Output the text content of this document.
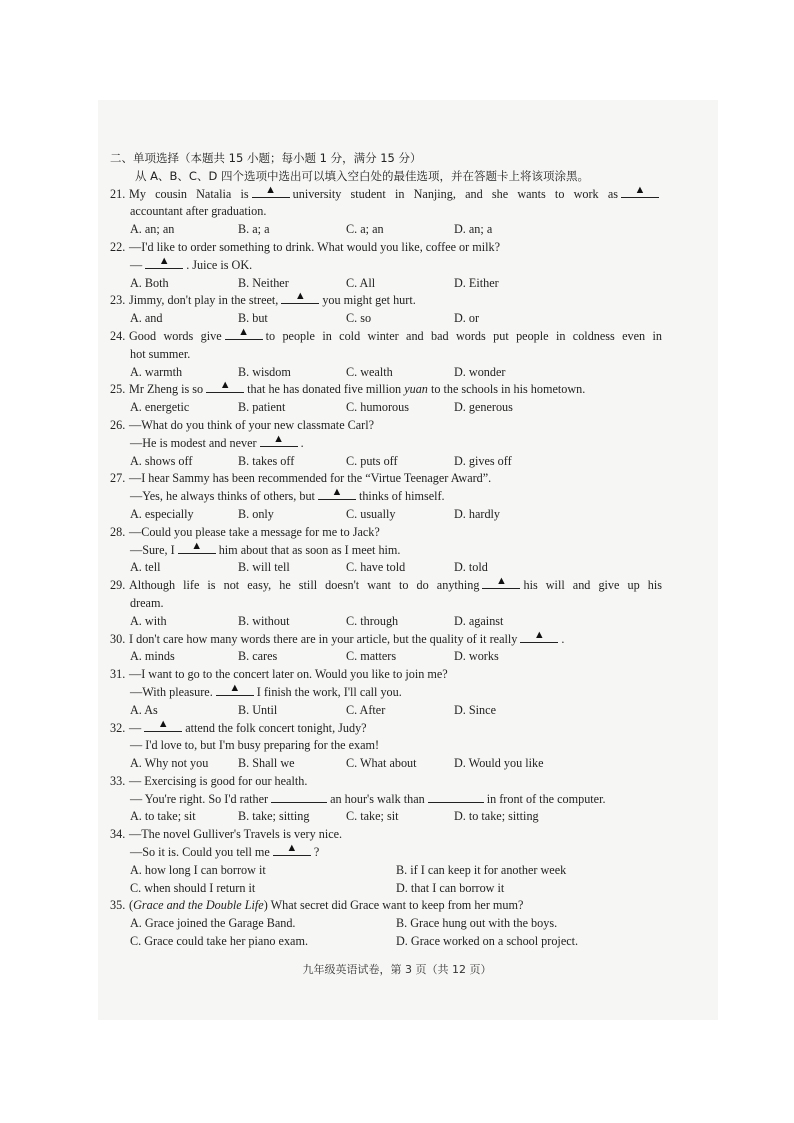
二、单项选择（本题共 15 小题；每小题 1 分，满分 15 分）
从 A、B、C、D 四个选项中选出可以填入空白处的最佳选项，并在答题卡上将该项涂黑。
21. My cousin Natalia is ▲ university student in Nanjing, and she wants to work as ▲
accountant after graduation.
A. an; an	B. a; a	C. a; an	D. an; a
22. —I'd like to order something to drink. What would you like, coffee or milk?
— ▲ . Juice is OK.
A. Both	B. Neither	C. All	D. Either
23. Jimmy, don't play in the street, ▲ you might get hurt.
A. and	B. but	C. so	D. or
24. Good words give ▲ to people in cold winter and bad words put people in coldness even in
hot summer.
A. warmth	B. wisdom	C. wealth	D. wonder
25. Mr Zheng is so ▲ that he has donated five million yuan to the schools in his hometown.
A. energetic	B. patient	C. humorous	D. generous
26. —What do you think of your new classmate Carl?
—He is modest and never ▲ .
A. shows off	B. takes off	C. puts off	D. gives off
27. —I hear Sammy has been recommended for the “Virtue Teenager Award”.
—Yes, he always thinks of others, but ▲ thinks of himself.
A. especially	B. only	C. usually	D. hardly
28. —Could you please take a message for me to Jack?
—Sure, I ▲ him about that as soon as I meet him.
A. tell	B. will tell	C. have told	D. told
29. Although life is not easy, he still doesn't want to do anything ▲ his will and give up his
dream.
A. with	B. without	C. through	D. against
30. I don't care how many words there are in your article, but the quality of it really ▲ .
A. minds	B. cares	C. matters	D. works
31. —I want to go to the concert later on. Would you like to join me?
—With pleasure. ▲ I finish the work, I'll call you.
A. As	B. Until	C. After	D. Since
32. — ▲ attend the folk concert tonight, Judy?
— I'd love to, but I'm busy preparing for the exam!
A. Why not you	B. Shall we	C. What about	D. Would you like
33. — Exercising is good for our health.
— You're right. So I'd rather	an hour's walk than	in front of the computer.
A. to take; sit	B. take; sitting	C. take; sit	D. to take; sitting
34. —The novel Gulliver's Travels is very nice.
—So it is. Could you tell me ▲ ?
A. how long I can borrow it	B. if I can keep it for another week
C. when should I return it	D. that I can borrow it
35. (Grace and the Double Life) What secret did Grace want to keep from her mum?
A. Grace joined the Garage Band.	B. Grace hung out with the boys.
C. Grace could take her piano exam.	D. Grace worked on a school project.
九年级英语试卷，第 3 页（共 12 页）
